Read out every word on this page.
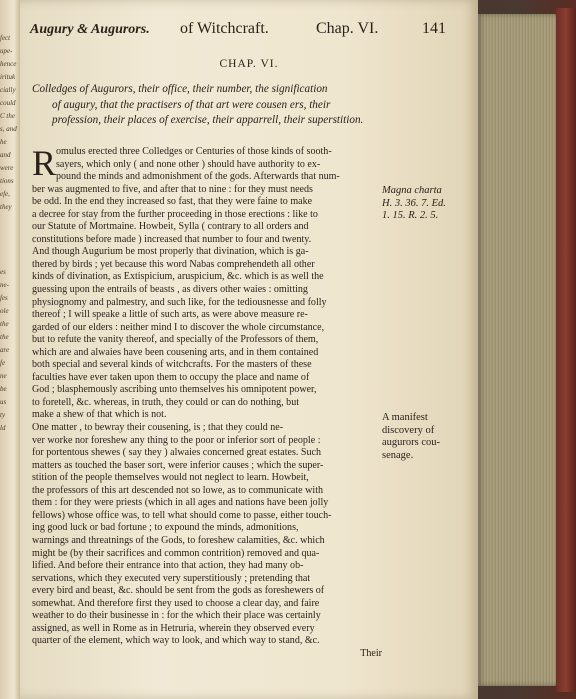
fect
upe-
hence
irituk
cially
could
C the
s, and
he
and
were
tions
efe,
they
es
ne-
fes
ole
the
the
are
fe
ne
be
us
ty
ld
Augury & Augurors. of Witchcraft.	Chap. VI.	141
CHAP. VI.
Colledges of Augurors, their office, their number, the signification
of augury, that the practisers of that art were cousen ers, their
profession, their places of exercise, their apparrell, their superstition.
R omulus erected three Colledges or Centuries of those kinds of sooth-
sayers, which only ( and none other ) should have authority to ex-
pound the minds and admonishment of the gods. Afterwards that num-
ber was augmented to five, and after that to nine : for they must needs
be odd. In the end they increased so fast, that they were faine to make
a decree for stay from the further proceeding in those erections : like to
our Statute of Mortmaine. Howbeit, Sylla ( contrary to all orders and
constitutions before made ) increased that number to four and twenty.
And though Augurium be most properly that divination, which is ga-
thered by birds ; yet because this word Nabas comprehendeth all other
kinds of divination, as Extispicium, aruspicium, &c. which is as well the
guessing upon the entrails of beasts , as divers other waies : omitting
physiognomy and palmestry, and such like, for the tediousnesse and folly
thereof ; I will speake a little of such arts, as were above measure re-
garded of our elders : neither mind I to discover the whole circumstance,
but to refute the vanity thereof, and specially of the Professors of them,
which are and alwaies have been cousening arts, and in them contained
both special and several kinds of witchcrafts. For the masters of these
faculties have ever taken upon them to occupy the place and name of
God ; blasphemously ascribing unto themselves his omnipotent power,
to foretell, &c. whereas, in truth, they could or can do nothing, but
make a shew of that which is not.
One matter , to bewray their cousening, is ; that they could ne-
ver worke nor foreshew any thing to the poor or inferior sort of people :
for portentous shewes ( say they ) alwaies concerned great estates. Such
matters as touched the baser sort, were inferior causes ; which the super-
stition of the people themselves would not neglect to learn. Howbeit,
the professors of this art descended not so lowe, as to communicate with
them : for they were priests (which in all ages and nations have been jolly
fellows) whose office was, to tell what should come to passe, either touch-
ing good luck or bad fortune ; to expound the minds, admonitions,
warnings and threatnings of the Gods, to foreshew calamities, &c. which
might be (by their sacrifices and common contrition) removed and qua-
lified. And before their entrance into that action, they had many ob-
servations, which they executed very superstitiously ; pretending that
every bird and beast, &c. should be sent from the gods as foreshewers of
somewhat. And therefore first they used to choose a clear day, and faire
weather to do their businesse in : for the which their place was certainly
assigned, as well in Rome as in Hetruria, wherein they observed every
quarter of the element, which way to look, and which way to stand, &c.
Their
Magna charta
H. 3. 36. 7. Ed.
1. 15. R. 2. 5.
A manifest
discovery of
augurors cou-
senage.
